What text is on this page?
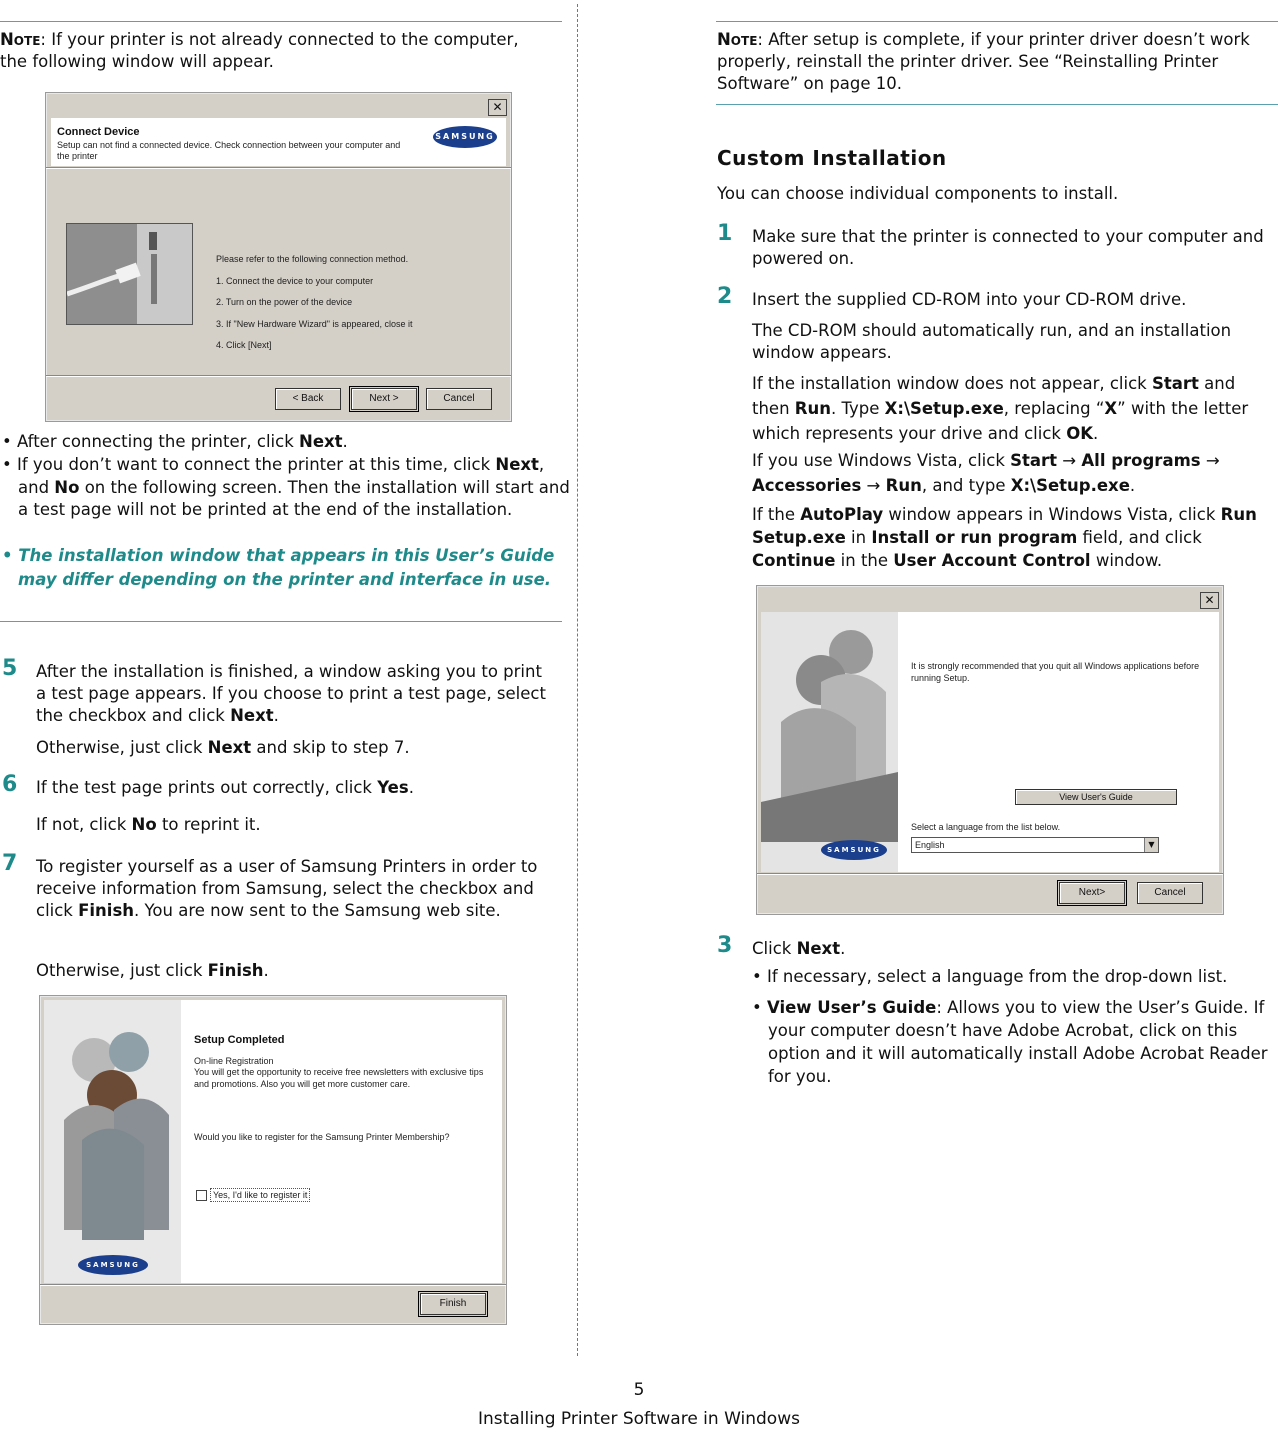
Note: If your printer is not already connected to the computer, the following window will appear.

✕
Connect Device
Setup can not find a connected device. Check connection between your computer and the printer
SAMSUNG
Please refer to the following connection method.
1. Connect the device to your computer
2. Turn on the power of the device
3. If "New Hardware Wizard" is appeared, close it
4. Click [Next]
< Back	Next >	Cancel

• After connecting the printer, click Next.

• If you don’t want to connect the printer at this time, click Next, and No on the following screen. Then the installation will start and a test page will not be printed at the end of the installation.

• The installation window that appears in this User’s Guide may differ depending on the printer and interface in use.

5 After the installation is finished, a window asking you to print a test page appears. If you choose to print a test page, select the checkbox and click Next.

Otherwise, just click Next and skip to step 7.

6 If the test page prints out correctly, click Yes.

If not, click No to reprint it.

7 To register yourself as a user of Samsung Printers in order to receive information from Samsung, select the checkbox and click Finish. You are now sent to the Samsung web site.

Otherwise, just click Finish.

SAMSUNG
Setup Completed
On-line Registration
You will get the opportunity to receive free newsletters with exclusive tips and promotions. Also you will get more customer care.
Would you like to register for the Samsung Printer Membership?
Yes, I'd like to register it
Finish

Note: After setup is complete, if your printer driver doesn’t work properly, reinstall the printer driver. See “Reinstalling Printer Software” on page 10.

Custom Installation

You can choose individual components to install.

1 Make sure that the printer is connected to your computer and powered on.

2 Insert the supplied CD-ROM into your CD-ROM drive.

The CD-ROM should automatically run, and an installation window appears.

If the installation window does not appear, click Start and then Run. Type X:\Setup.exe, replacing “X” with the letter which represents your drive and click OK.

If you use Windows Vista, click Start → All programs → Accessories → Run, and type X:\Setup.exe.

If the AutoPlay window appears in Windows Vista, click Run Setup.exe in Install or run program field, and click Continue in the User Account Control window.

✕
SAMSUNG
It is strongly recommended that you quit all Windows applications before running Setup.
View User's Guide
Select a language from the list below.
English	▼
Next>	Cancel
3 Click Next.

• If necessary, select a language from the drop-down list.

• View User’s Guide: Allows you to view the User’s Guide. If your computer doesn’t have Adobe Acrobat, click on this option and it will automatically install Adobe Acrobat Reader for you.

5
Installing Printer Software in Windows
